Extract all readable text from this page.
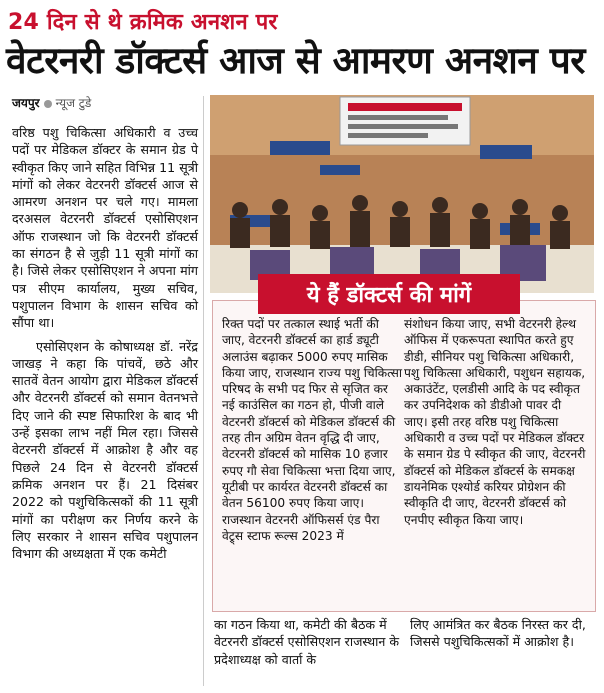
24 दिन से थे क्रमिक अनशन पर
वेटरनरी डॉक्टर्स आज से आमरण अनशन पर
जयपुर न्यूज टुडे

वरिष्ठ पशु चिकित्सा अधिकारी व उच्च पदों पर मेडिकल डॉक्टर के समान ग्रेड पे स्वीकृत किए जाने सहित विभिन्न 11 सूत्री मांगों को लेकर वेटरनरी डॉक्टर्स आज से आमरण अनशन पर चले गए। मामला दरअसल वेटरनरी डॉक्टर्स एसोसिएशन ऑफ राजस्थान जो कि वेटरनरी डॉक्टर्स का संगठन है से जुड़ी 11 सूत्री मांगों का है। जिसे लेकर एसोसिएशन ने अपना मांग पत्र सीएम कार्यालय, मुख्य सचिव, पशुपालन विभाग के शासन सचिव को सौंपा था।

एसोसिएशन के कोषाध्यक्ष डॉ. नरेंद्र जाखड़ ने कहा कि पांचवें, छठे और सातवें वेतन आयोग द्वारा मेडिकल डॉक्टर्स और वेटरनरी डॉक्टर्स को समान वेतनभत्ते दिए जाने की स्पष्ट सिफारिश के बाद भी उन्हें इसका लाभ नहीं मिल रहा। जिससे वेटरनरी डॉक्टर्स में आक्रोश है और वह पिछले 24 दिन से वेटरनरी डॉक्टर्स क्रमिक अनशन पर हैं। 21 दिसंबर 2022 को पशुचिकित्सकों की 11 सूत्री मांगों का परीक्षण कर निर्णय करने के लिए सरकार ने शासन सचिव पशुपालन विभाग की अध्यक्षता में एक कमेटी

ये हैं डॉक्टर्स की मांगें
रिक्त पदों पर तत्काल स्थाई भर्ती की जाए, वेटरनरी डॉक्टर्स का हार्ड ड्यूटी अलाउंस बढ़ाकर 5000 रुपए मासिक किया जाए, राजस्थान राज्य पशु चिकित्सा परिषद के सभी पद फिर से सृजित कर नई काउंसिल का गठन हो, पीजी वाले वेटरनरी डॉक्टर्स को मेडिकल डॉक्टर्स की तरह तीन अग्रिम वेतन वृद्धि दी जाए, वेटरनरी डॉक्टर्स को मासिक 10 हजार रुपए गौ सेवा चिकित्सा भत्ता दिया जाए, यूटीबी पर कार्यरत वेटरनरी डॉक्टर्स का वेतन 56100 रुपए किया जाए। राजस्थान वेटरनरी ऑफिसर्स एंड पैरा वेट्र्स स्टाफ रूल्स 2023 में
संशोधन किया जाए, सभी वेटरनरी हेल्थ ऑफिस में एकरूपता स्थापित करते हुए डीडी, सीनियर पशु चिकित्सा अधिकारी, पशु चिकित्सा अधिकारी, पशुधन सहायक, अकाउंटेंट, एलडीसी आदि के पद स्वीकृत कर उपनिदेशक को डीडीओ पावर दी जाए। इसी तरह वरिष्ठ पशु चिकित्सा अधिकारी व उच्च पदों पर मेडिकल डॉक्टर के समान ग्रेड पे स्वीकृत की जाए, वेटरनरी डॉक्टर्स को मेडिकल डॉक्टर्स के समकक्ष डायनेमिक एश्योर्ड करियर प्रोग्रेशन की स्वीकृति दी जाए, वेटरनरी डॉक्टर्स को एनपीए स्वीकृत किया जाए।
का गठन किया था, कमेटी की बैठक में वेटरनरी डॉक्टर्स एसोसिएशन राजस्थान के प्रदेशाध्यक्ष को वार्ता के
लिए आमंत्रित कर बैठक निरस्त कर दी, जिससे पशुचिकित्सकों में आक्रोश है।
